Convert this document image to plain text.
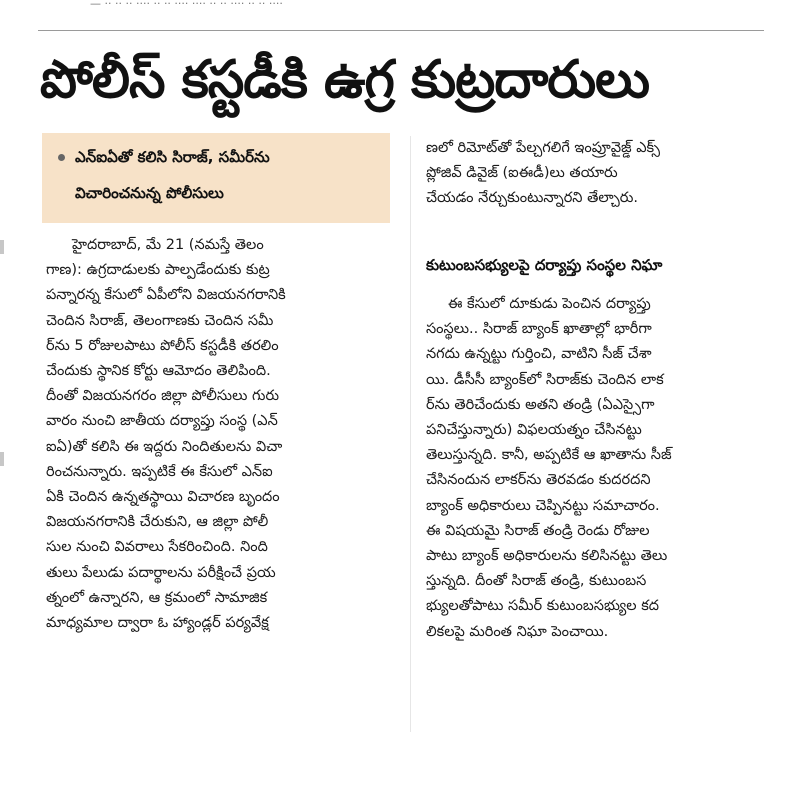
— ·· ·· ·· ···· ·· ·· ···· ···· ·· ·· ···· ·· ·· ····
పోలీస్ కస్టడీకి ఉగ్ర కుట్రదారులు
ఎన్ఐఏతో కలిసి సిరాజ్, సమీర్‌ను
విచారించనున్న పోలీసులు
హైదరాబాద్, మే 21 (నమస్తే తెలం
గాణ): ఉగ్రదాడులకు పాల్పడేందుకు కుట్ర
పన్నారన్న కేసులో ఏపీలోని విజయనగరానికి
చెందిన సిరాజ్, తెలంగాణకు చెందిన సమీ
ర్‌ను 5 రోజులపాటు పోలీస్ కస్టడీకి తరలిం
చేందుకు స్థానిక కోర్టు ఆమోదం తెలిపింది.
దీంతో విజయనగరం జిల్లా పోలీసులు గురు
వారం నుంచి జాతీయ దర్యాప్తు సంస్థ (ఎన్
ఐఏ)తో కలిసి ఈ ఇద్దరు నిందితులను విచా
రించనున్నారు. ఇప్పటికే ఈ కేసులో ఎన్ఐ
ఏకి చెందిన ఉన్నతస్థాయి విచారణ బృందం
విజయనగరానికి చేరుకుని, ఆ జిల్లా పోలీ
సుల నుంచి వివరాలు సేకరించింది. నింది
తులు పేలుడు పదార్థాలను పరీక్షించే ప్రయ
త్నంలో ఉన్నారని, ఆ క్రమంలో సామాజిక
మాధ్యమాల ద్వారా ఓ హ్యాండ్లర్ పర్యవేక్ష
ణలో రిమోట్‌తో పేల్చగలిగే ఇంప్రూవైజ్డ్ ఎక్స్
ప్లోజివ్ డివైజ్ (ఐఈడీ)లు తయారు
చేయడం నేర్చుకుంటున్నారని తేల్చారు.
కుటుంబసభ్యులపై దర్యాప్తు సంస్థల నిఘా
ఈ కేసులో దూకుడు పెంచిన దర్యాప్తు
సంస్థలు.. సిరాజ్ బ్యాంక్ ఖాతాల్లో భారీగా
నగదు ఉన్నట్టు గుర్తించి, వాటిని సీజ్ చేశా
యి. డీసీసీ బ్యాంక్‌లో సిరాజ్‌కు చెందిన లాక
ర్‌ను తెరిచేందుకు అతని తండ్రి (ఏఎస్సైగా
పనిచేస్తున్నారు) విఫలయత్నం చేసినట్టు
తెలుస్తున్నది. కానీ, అప్పటికే ఆ ఖాతాను సీజ్
చేసినందున లాకర్‌ను తెరవడం కుదరదని
బ్యాంక్ అధికారులు చెప్పినట్టు సమాచారం.
ఈ విషయమై సిరాజ్ తండ్రి రెండు రోజుల
పాటు బ్యాంక్ అధికారులను కలిసినట్టు తెలు
స్తున్నది. దీంతో సిరాజ్ తండ్రి, కుటుంబస
భ్యులతోపాటు సమీర్ కుటుంబసభ్యుల కద
లికలపై మరింత నిఘా పెంచాయి.
